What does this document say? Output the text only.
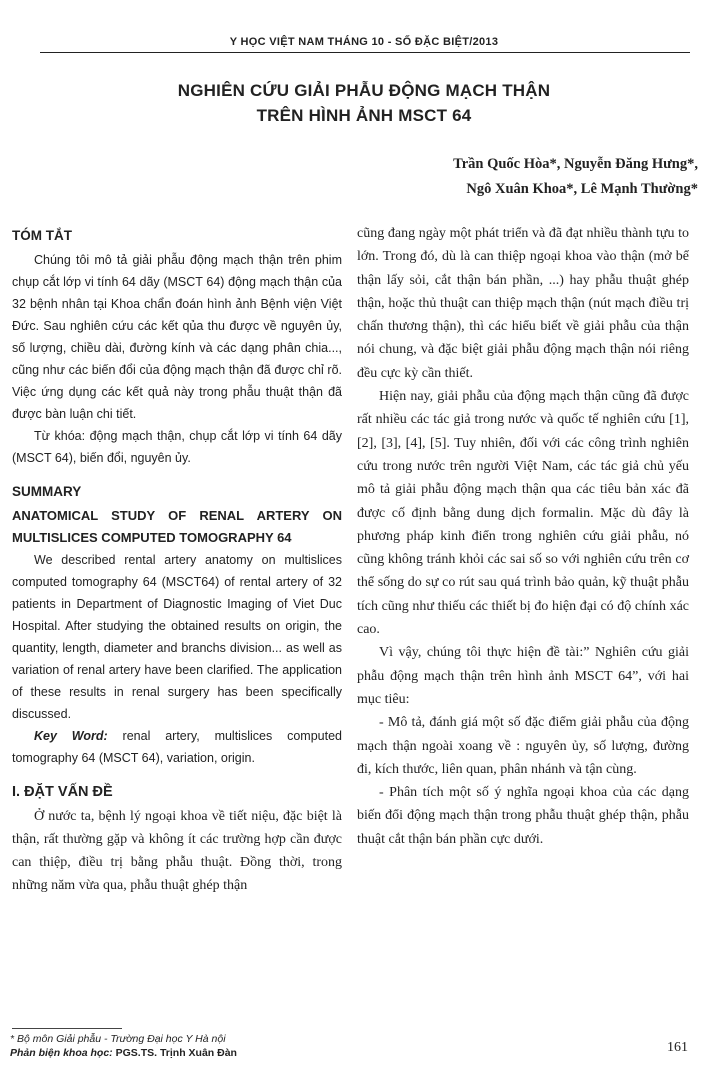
Y HỌC VIỆT NAM THÁNG 10 - SỐ ĐẶC BIỆT/2013
NGHIÊN CỨU GIẢI PHẪU ĐỘNG MẠCH THẬN
TRÊN HÌNH ẢNH MSCT 64
Trần Quốc Hòa*, Nguyễn Đăng Hưng*,
Ngô Xuân Khoa*, Lê Mạnh Thường*
TÓM TẮT

Chúng tôi mô tả giải phẫu động mạch thận trên phim chụp cắt lớp vi tính 64 dãy (MSCT 64) động mạch thận của 32 bệnh nhân tại Khoa chẩn đoán hình ảnh Bệnh viện Việt Đức. Sau nghiên cứu các kết qủa thu được về nguyên ủy, số lượng, chiều dài, đường kính và các dạng phân chia..., cũng như các biến đổi của động mạch thận đã được chỉ rõ. Việc ứng dụng các kết quả này trong phẫu thuật thận đã được bàn luận chi tiết.

Từ khóa: động mạch thận, chụp cắt lớp vi tính 64 dãy (MSCT 64), biến đổi, nguyên ủy.

SUMMARY
ANATOMICAL STUDY OF RENAL ARTERY ON MULTISLICES COMPUTED TOMOGRAPHY 64

We described rental artery anatomy on multislices computed tomography 64 (MSCT64) of rental artery of 32 patients in Department of Diagnostic Imaging of Viet Duc Hospital. After studying the obtained results on origin, the quantity, length, diameter and branchs division... as well as variation of renal artery have been clarified. The application of these results in renal surgery has been specifically discussed.

Key Word: renal artery, multislices computed tomography 64 (MSCT 64), variation, origin.

I. ĐẶT VẤN ĐỀ

Ở nước ta, bệnh lý ngoại khoa về tiết niệu, đặc biệt là thận, rất thường gặp và không ít các trường hợp cần được can thiệp, điều trị bằng phẫu thuật. Đồng thời, trong những năm vừa qua, phẫu thuật ghép thận

cũng đang ngày một phát triển và đã đạt nhiều thành tựu to lớn. Trong đó, dù là can thiệp ngoại khoa vào thận (mở bể thận lấy sỏi, cắt thận bán phần, ...) hay phẫu thuật ghép thận, hoặc thủ thuật can thiệp mạch thận (nút mạch điều trị chấn thương thận), thì các hiểu biết về giải phẫu của thận nói chung, và đặc biệt giải phẫu động mạch thận nói riêng đều cực kỳ cần thiết.

Hiện nay, giải phẫu của động mạch thận cũng đã được rất nhiều các tác giả trong nước và quốc tế nghiên cứu [1], [2], [3], [4], [5]. Tuy nhiên, đối với các công trình nghiên cứu trong nước trên người Việt Nam, các tác giả chủ yếu mô tả giải phẫu động mạch thận qua các tiêu bản xác đã được cố định bằng dung dịch formalin. Mặc dù đây là phương pháp kinh điển trong nghiên cứu giải phẫu, nó cũng không tránh khỏi các sai số so với nghiên cứu trên cơ thể sống do sự co rút sau quá trình bảo quản, kỹ thuật phẫu tích cũng như thiếu các thiết bị đo hiện đại có độ chính xác cao.

Vì vậy, chúng tôi thực hiện đề tài:” Nghiên cứu giải phẫu động mạch thận trên hình ảnh MSCT 64”, với hai mục tiêu:

- Mô tả, đánh giá một số đặc điểm giải phẫu của động mạch thận ngoài xoang về : nguyên ủy, số lượng, đường đi, kích thước, liên quan, phân nhánh và tận cùng.

- Phân tích một số ý nghĩa ngoại khoa của các dạng biến đổi động mạch thận trong phẫu thuật ghép thận, phẫu thuật cắt thận bán phần cực dưới.

* Bộ môn Giải phẫu - Trường Đại học Y Hà nội
Phản biện khoa học: PGS.TS. Trịnh Xuân Đàn	161
